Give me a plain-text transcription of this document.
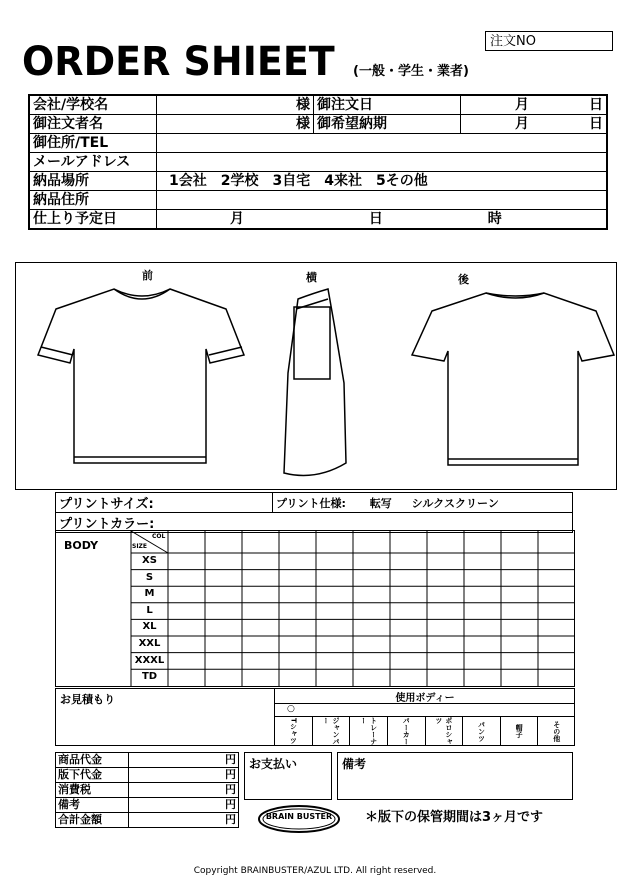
ORDER SHIEET (一般・学生・業者)
注文NO
会社/学校名	様	御注文日	月 日
御注文者名	様	御希望納期	月 日
御住所/TEL			
メールアドレス			
納品場所	1会社　2学校　3自宅　4来社　5その他		
納品住所			
仕上り予定日	月 日 時		
前	横	後
プリントサイズ:	プリント仕様: 転写 シルクスクリーン
プリントカラー:
BODY
COL
SIZE
XS
S
M
L
XL
XXL
XXXL
TD
お見積もり	使用ボディー
○
Tシャツ	ジャンパー	トレーナー	パーカー	ポロシャツ	パンツ	帽子	その他
商品代金	円
版下代金	円
消費税	円
備考	円
合計金額	円
お支払い	備考
BRAIN BUSTER	＊版下の保管期間は3ヶ月です
Copyright BRAINBUSTER/AZUL LTD. All right reserved.
